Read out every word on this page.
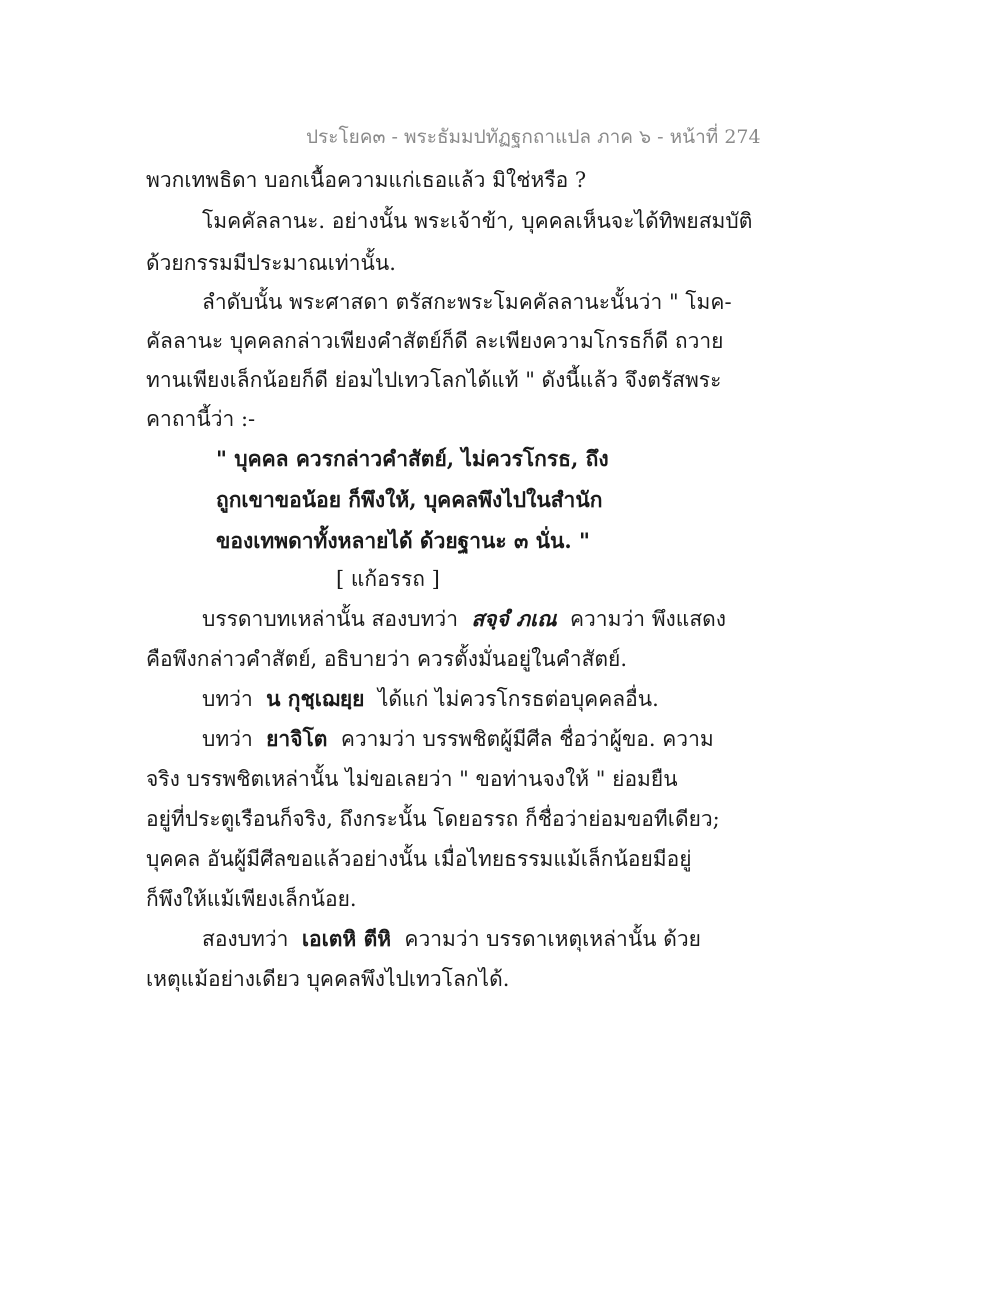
ประโยค๓ - พระธัมมปทัฏฐกถาแปล ภาค ๖ - หน้าที่ 274
พวกเทพธิดา บอกเนื้อความแก่เธอแล้ว มิใช่หรือ ?
โมคคัลลานะ. อย่างนั้น พระเจ้าข้า, บุคคลเห็นจะได้ทิพยสมบัติ
ด้วยกรรมมีประมาณเท่านั้น.
ลำดับนั้น พระศาสดา ตรัสกะพระโมคคัลลานะนั้นว่า " โมค-
คัลลานะ บุคคลกล่าวเพียงคำสัตย์ก็ดี ละเพียงความโกรธก็ดี ถวาย
ทานเพียงเล็กน้อยก็ดี ย่อมไปเทวโลกได้แท้ " ดังนี้แล้ว จึงตรัสพระ
คาถานี้ว่า :-
" บุคคล ควรกล่าวคำสัตย์, ไม่ควรโกรธ, ถึง
ถูกเขาขอน้อย ก็พึงให้, บุคคลพึงไปในสำนัก
ของเทพดาทั้งหลายได้ ด้วยฐานะ ๓ นั่น. "
[ แก้อรรถ ]
บรรดาบทเหล่านั้น สองบทว่า สจฺจํ ภเณ ความว่า พึงแสดง
คือพึงกล่าวคำสัตย์, อธิบายว่า ควรตั้งมั่นอยู่ในคำสัตย์.
บทว่า น กุชฺเฌยฺย ได้แก่ ไม่ควรโกรธต่อบุคคลอื่น.
บทว่า ยาจิโต ความว่า บรรพชิตผู้มีศีล ชื่อว่าผู้ขอ. ความ
จริง บรรพชิตเหล่านั้น ไม่ขอเลยว่า " ขอท่านจงให้ " ย่อมยืน
อยู่ที่ประตูเรือนก็จริง, ถึงกระนั้น โดยอรรถ ก็ชื่อว่าย่อมขอทีเดียว;
บุคคล อันผู้มีศีลขอแล้วอย่างนั้น เมื่อไทยธรรมแม้เล็กน้อยมีอยู่
ก็พึงให้แม้เพียงเล็กน้อย.
สองบทว่า เอเตหิ ตีหิ ความว่า บรรดาเหตุเหล่านั้น ด้วย
เหตุแม้อย่างเดียว บุคคลพึงไปเทวโลกได้.
